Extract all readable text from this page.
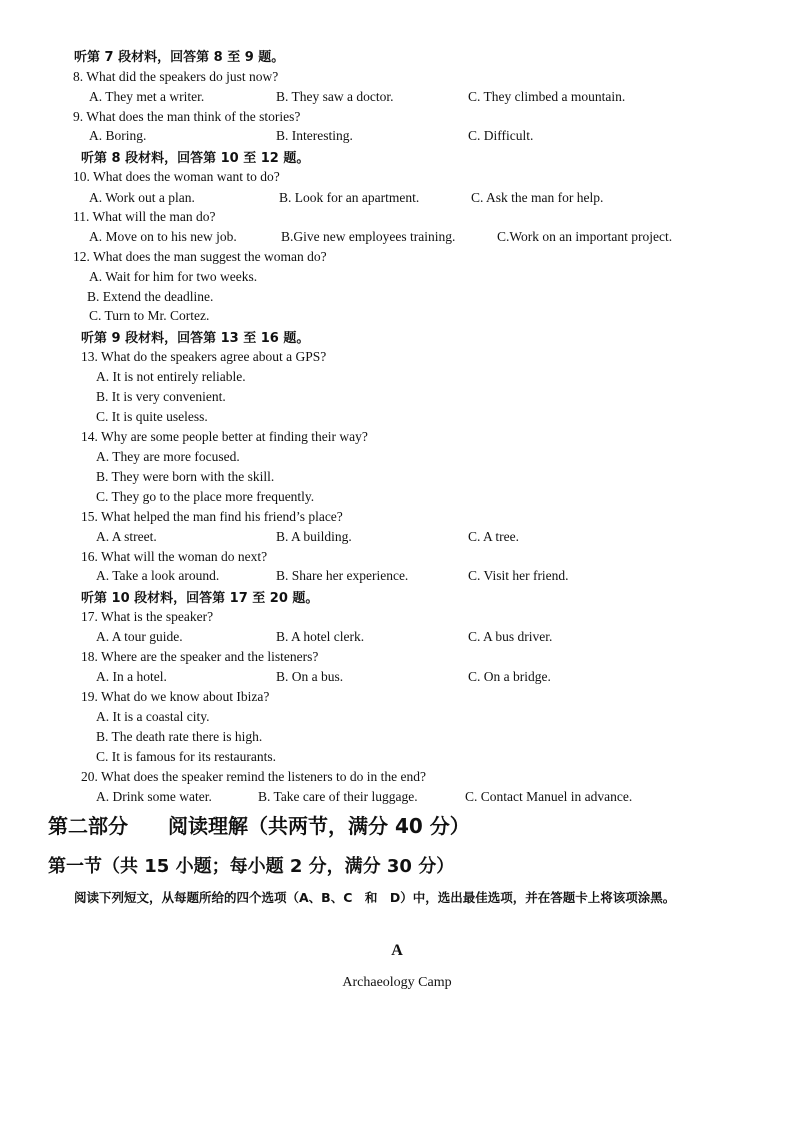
听第 7 段材料，回答第 8 至 9 题。
8. What did the speakers do just now?
A. They met a writer.	B. They saw a doctor.	C. They climbed a mountain.
9. What does the man think of the stories?
A. Boring.	B. Interesting.	C. Difficult.
听第 8 段材料，回答第 10 至 12 题。
10. What does the woman want to do?
A. Work out a plan.	B. Look for an apartment.	C. Ask the man for help.
11. What will the man do?
A. Move on to his new job.	B.Give new employees training.	C.Work on an important project.
12. What does the man suggest the woman do?
A. Wait for him for two weeks.
B. Extend the deadline.
C. Turn to Mr. Cortez.
听第 9 段材料，回答第 13 至 16 题。
13. What do the speakers agree about a GPS?
A. It is not entirely reliable.
B. It is very convenient.
C. It is quite useless.
14. Why are some people better at finding their way?
A. They are more focused.
B. They were born with the skill.
C. They go to the place more frequently.
15. What helped the man find his friend’s place?
A. A street.	B. A building.	C. A tree.
16. What will the woman do next?
A. Take a look around.	B. Share her experience.	C. Visit her friend.
听第 10 段材料，回答第 17 至 20 题。
17. What is the speaker?
A. A tour guide.	B. A hotel clerk.	C. A bus driver.
18. Where are the speaker and the listeners?
A. In a hotel.	B. On a bus.	C. On a bridge.
19. What do we know about Ibiza?
A. It is a coastal city.
B. The death rate there is high.
C. It is famous for its restaurants.
20. What does the speaker remind the listeners to do in the end?
A. Drink some water.	B. Take care of their luggage.	C. Contact Manuel in advance.
第二部分　　阅读理解（共两节，满分 40 分）
第一节（共 15 小题；每小题 2 分，满分 30 分）
阅读下列短文，从每题所给的四个选项（A、B、C　和　D）中，选出最佳选项，并在答题卡上将该项涂黑。
A
Archaeology Camp
